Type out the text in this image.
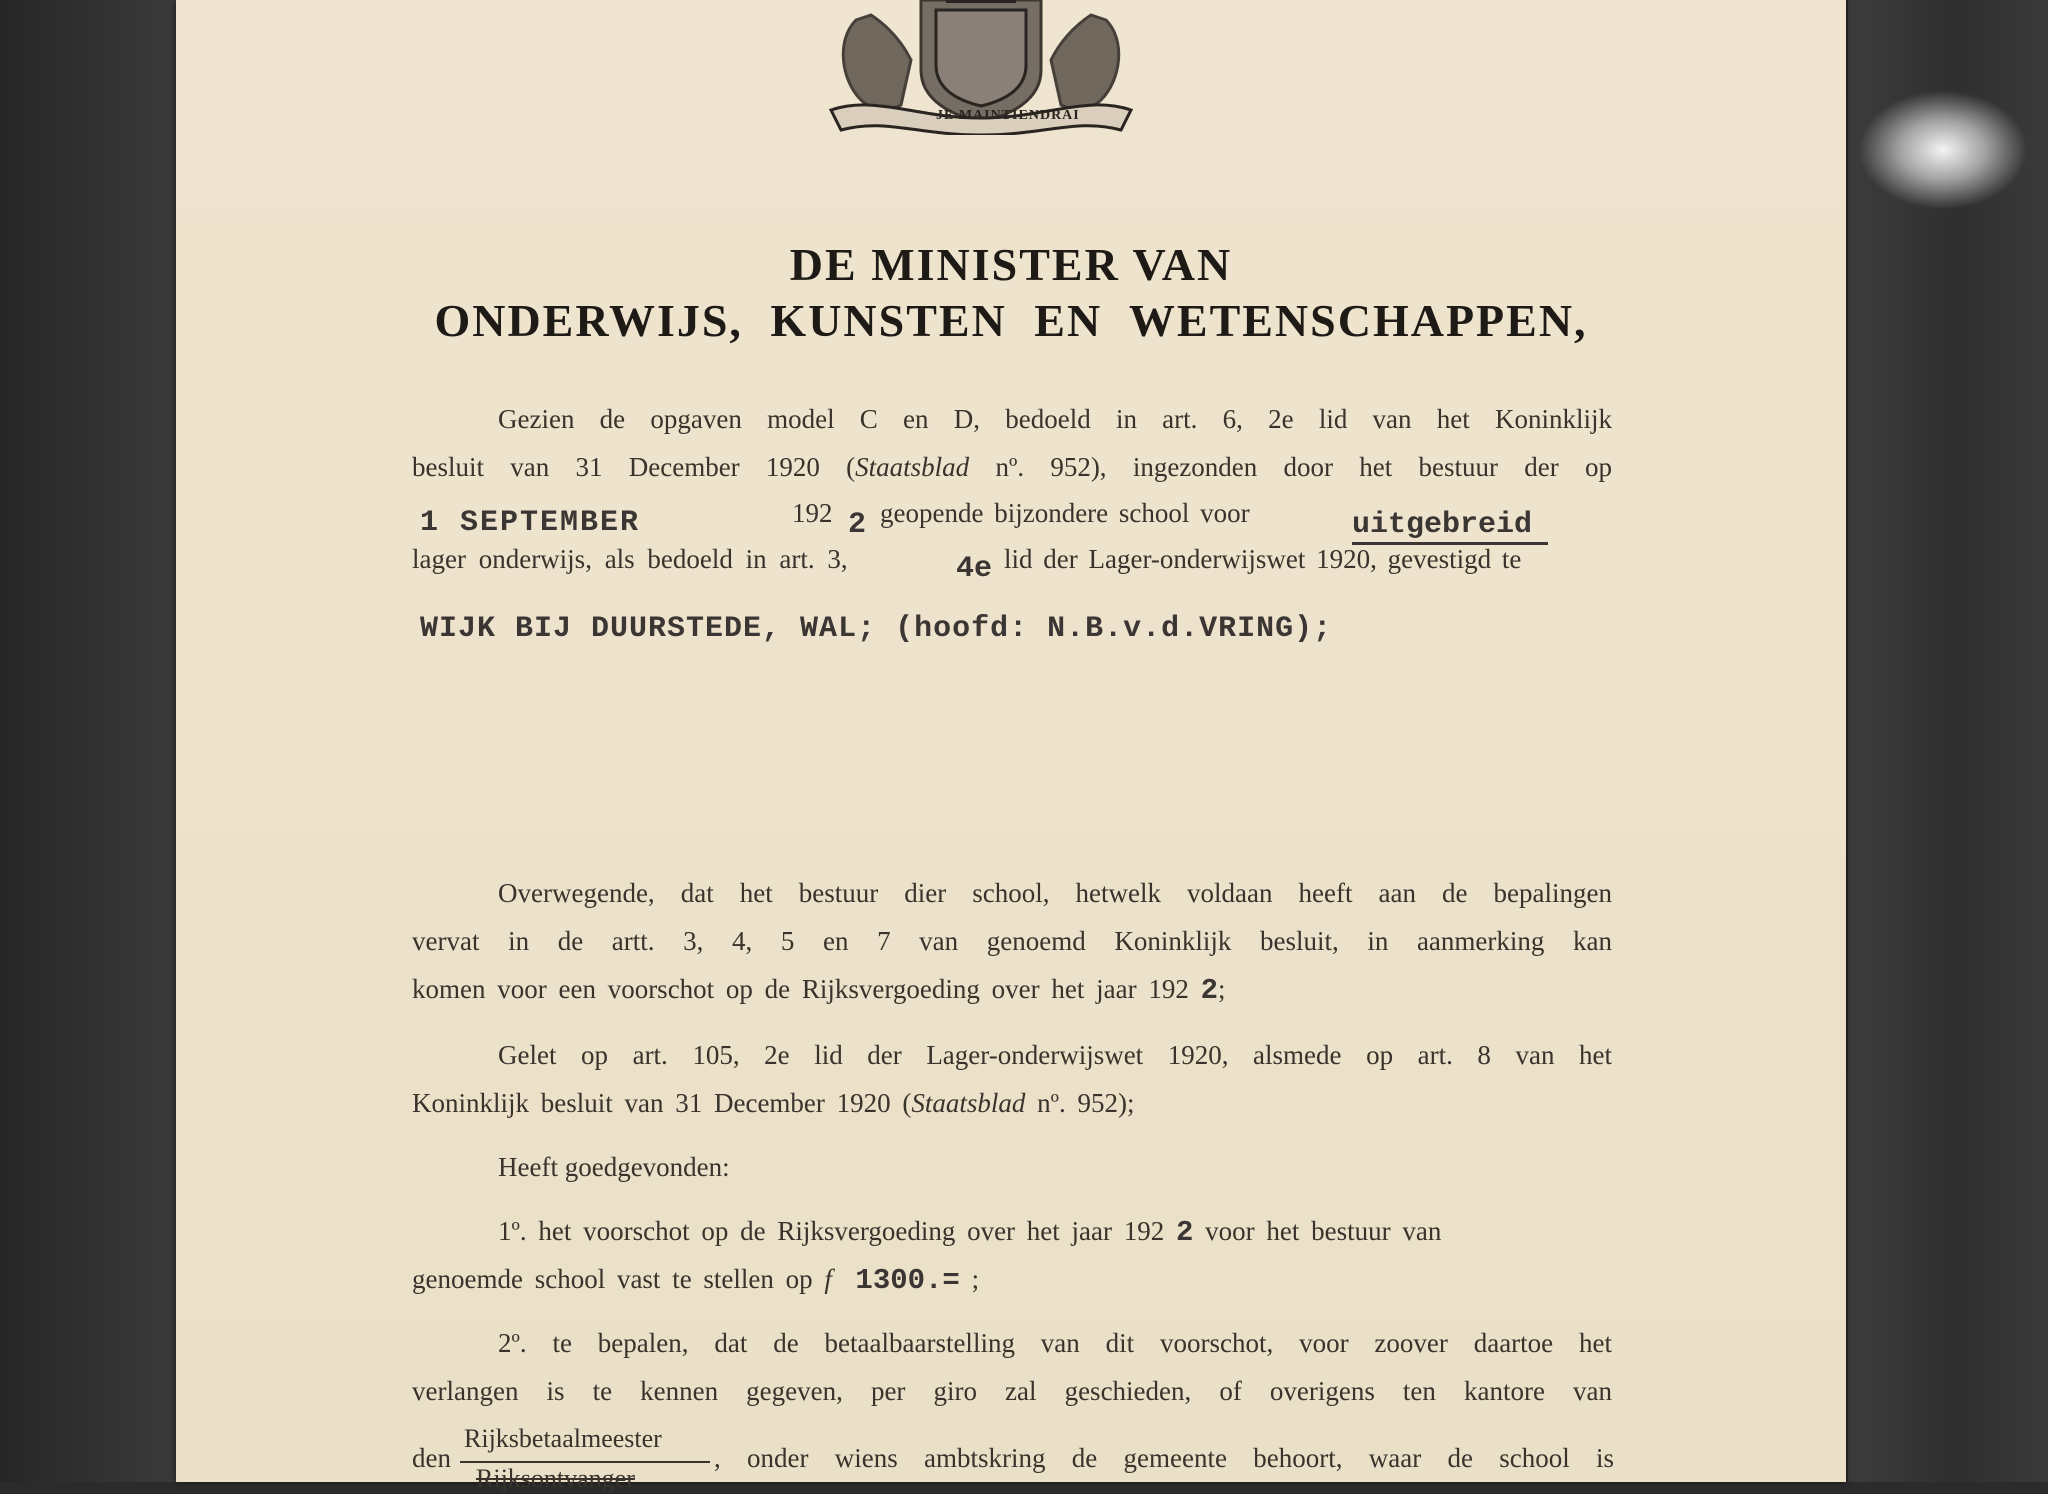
JE MAINTIENDRAI
DE MINISTER VAN
ONDERWIJS, KUNSTEN EN WETENSCHAPPEN,
Gezien de opgaven model C en D, bedoeld in art. 6, 2e lid van het Koninklijk
besluit van 31 December 1920 (Staatsblad nº. 952), ingezonden door het bestuur der op
1 SEPTEMBER	192 2 geopende bijzondere school voor	uitgebreid
lager onderwijs, als bedoeld in art. 3,	4e lid der Lager-onderwijswet 1920, gevestigd te
WIJK BIJ DUURSTEDE, WAL; (hoofd: N.B.v.d.VRING);
Overwegende, dat het bestuur dier school, hetwelk voldaan heeft aan de bepalingen
vervat in de artt. 3, 4, 5 en 7 van genoemd Koninklijk besluit, in aanmerking kan
komen voor een voorschot op de Rijksvergoeding over het jaar 192 2;
Gelet op art. 105, 2e lid der Lager-onderwijswet 1920, alsmede op art. 8 van het
Koninklijk besluit van 31 December 1920 (Staatsblad nº. 952);
Heeft goedgevonden:
1º. het voorschot op de Rijksvergoeding over het jaar 192 2 voor het bestuur van
genoemde school vast te stellen op f 1300.= ;
2º. te bepalen, dat de betaalbaarstelling van dit voorschot, voor zoover daartoe het
verlangen is te kennen gegeven, per giro zal geschieden, of overigens ten kantore van
den
Rijksbetaalmeester
Rijksontvanger
, onder wiens ambtskring de gemeente behoort, waar de school is
